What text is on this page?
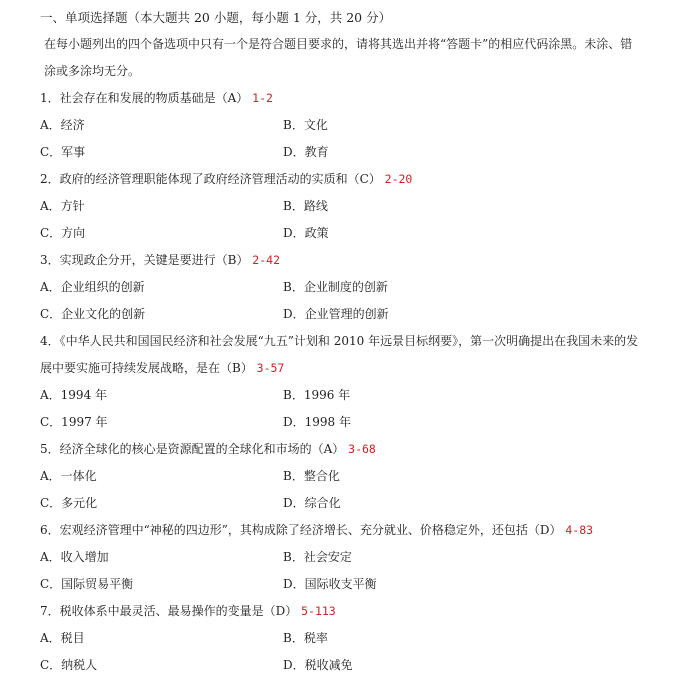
一、单项选择题（本大题共 20 小题，每小题 1 分，共 20 分）
在每小题列出的四个备选项中只有一个是符合题目要求的，请将其选出并将“答题卡”的相应代码涂黑。未涂、错
涂或多涂均无分。
1．社会存在和发展的物质基础是（A） 1-2
A．经济	B．文化
C．军事	D．教育
2．政府的经济管理职能体现了政府经济管理活动的实质和（C） 2-20
A．方针	B．路线
C．方向	D．政策
3．实现政企分开，关键是要进行（B） 2-42
A．企业组织的创新	B．企业制度的创新
C．企业文化的创新	D．企业管理的创新
4．《中华人民共和国国民经济和社会发展“九五”计划和 2010 年远景目标纲要》，第一次明确提出在我国未来的发
展中要实施可持续发展战略，是在（B） 3-57
A．1994 年	B．1996 年
C．1997 年	D．1998 年
5．经济全球化的核心是资源配置的全球化和市场的（A） 3-68
A．一体化	B．整合化
C．多元化	D．综合化
6．宏观经济管理中“神秘的四边形”，其构成除了经济增长、充分就业、价格稳定外，还包括（D） 4-83
A．收入增加	B．社会安定
C．国际贸易平衡	D．国际收支平衡
7．税收体系中最灵活、最易操作的变量是（D） 5-113
A．税目	B．税率
C．纳税人	D．税收减免
